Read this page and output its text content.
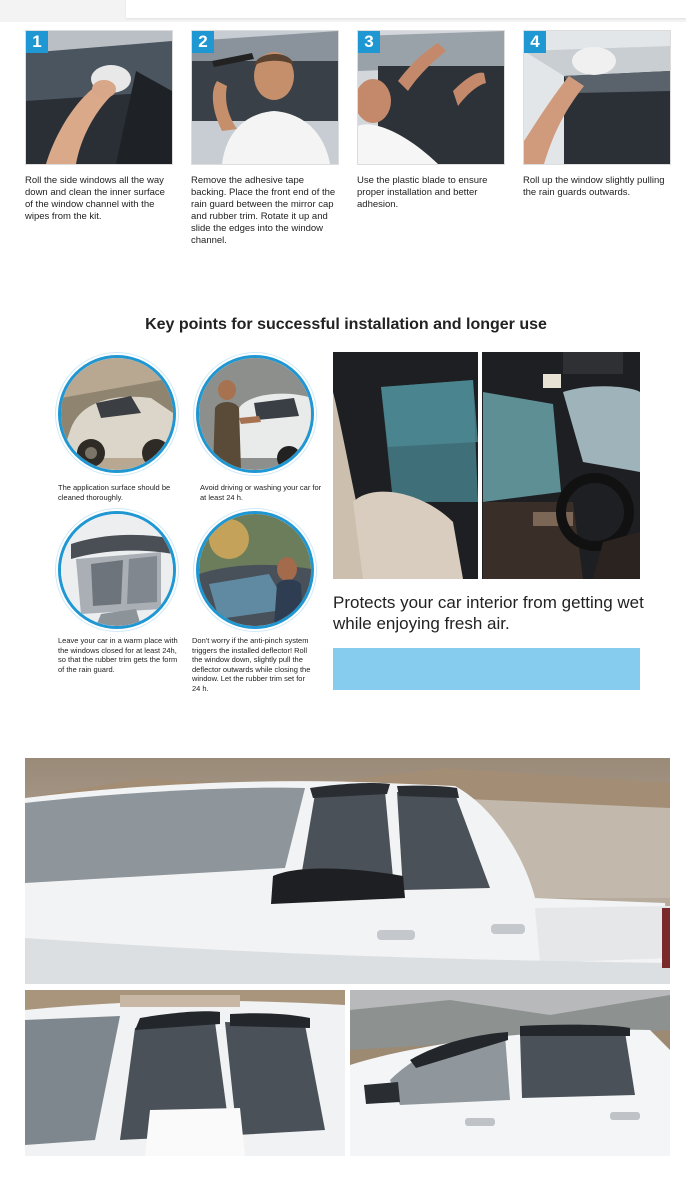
1
Roll the side windows all the way down and clean the inner surface of the window channel with the wipes from the kit.
2
Remove the adhesive tape backing. Place the front end of the rain guard between the mirror cap and rubber trim. Rotate it up and slide the edges into the window channel.
3
Use the plastic blade to ensure proper installation and better adhesion.
4
Roll up the window slightly pulling the rain guards outwards.
Key points for successful installation and longer use
The application surface should be cleaned thoroughly.
Avoid driving or washing your car for at least 24 h.
Leave your car in a warm place with the windows closed for at least 24h, so that the rubber trim gets the form of the rain guard.
Don't worry if the anti-pinch system triggers the installed deflector! Roll the window down, slightly pull the deflector outwards while closing the window. Let the rubber trim set for 24 h.
Protects your car interior from getting wet while enjoying fresh air.
